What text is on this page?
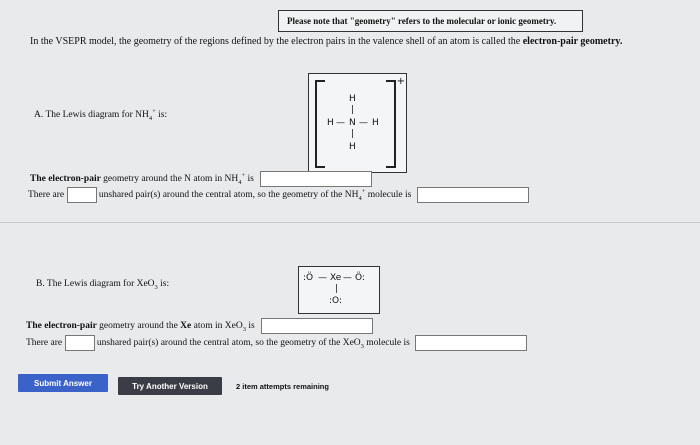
Please note that "geometry" refers to the molecular or ionic geometry.
In the VSEPR model, the geometry of the regions defined by the electron pairs in the valence shell of an atom is called the electron-pair geometry.
A. The Lewis diagram for $NH_4^+$ is:
+
H
|
H — N — H
|
H
The electron-pair geometry around the N atom in $NH_4^+$ is
There are	unshared pair(s) around the central atom, so the geometry of the $NH_4^+$ molecule is
B. The Lewis diagram for XeO$_3$ is:
:Ö — Xe — Ö:
|
:O:
The electron-pair geometry around the Xe atom in XeO$_3$ is
There are	unshared pair(s) around the central atom, so the geometry of the XeO$_3$ molecule is
Submit Answer	Try Another Version	2 item attempts remaining
